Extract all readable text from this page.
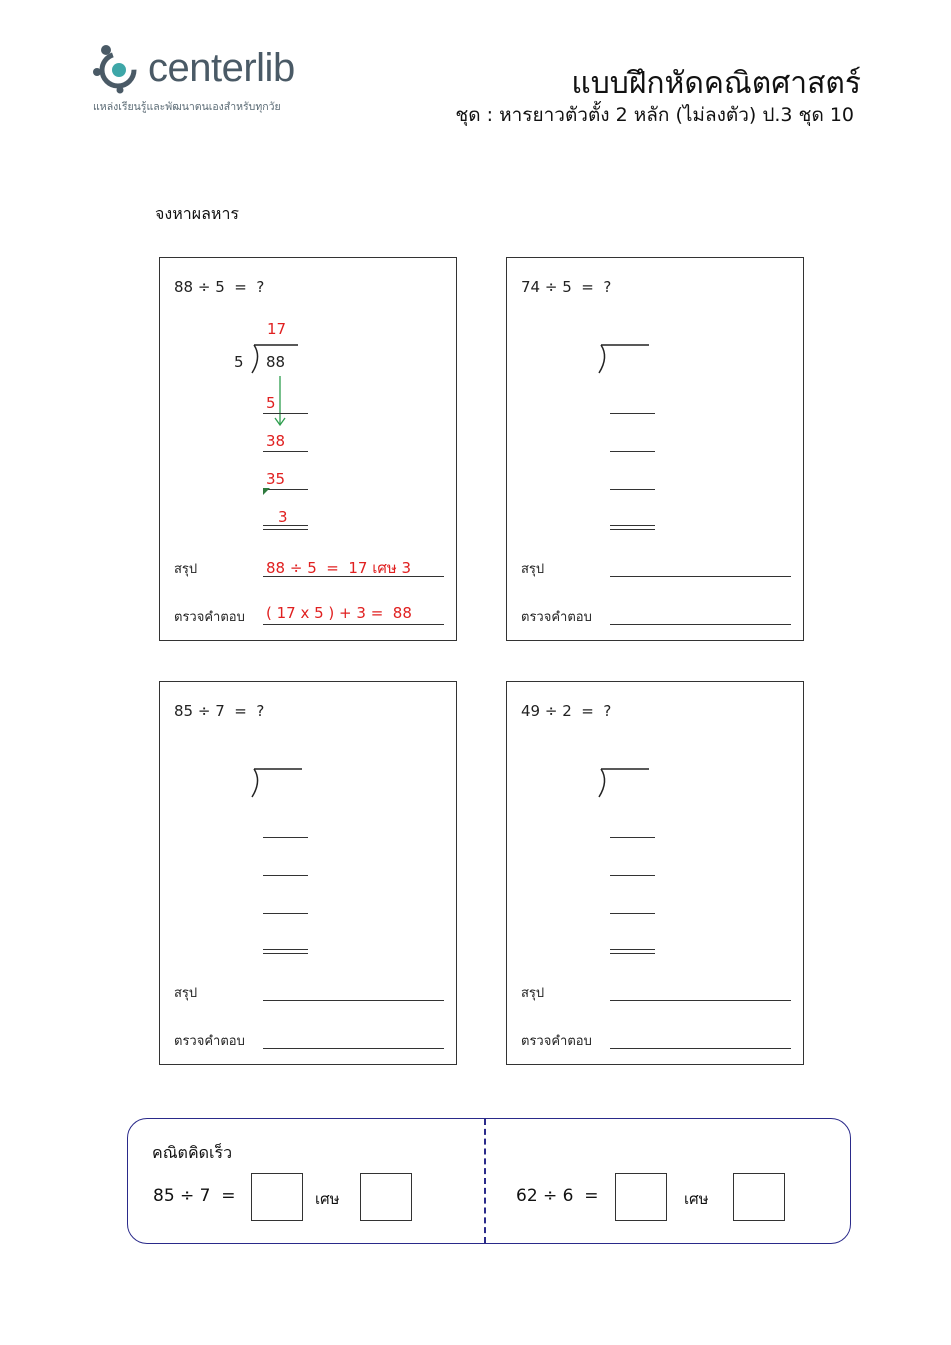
centerlib
แหล่งเรียนรู้และพัฒนาตนเองสำหรับทุกวัย
แบบฝึกหัดคณิตศาสตร์
ชุด : หารยาวตัวตั้ง 2 หลัก (ไม่ลงตัว) ป.3 ชุด 10
จงหาผลหาร
88 ÷ 5  =  ?
17
5 88
5
38
35
3
สรุป	88 ÷ 5  =  17 เศษ 3
ตรวจคำตอบ ( 17 x 5 ) + 3 =  88
74 ÷ 5  =  ?
สรุป
ตรวจคำตอบ
85 ÷ 7  =  ?
สรุป
ตรวจคำตอบ
49 ÷ 2  =  ?
สรุป
ตรวจคำตอบ
คณิตคิดเร็ว
85 ÷ 7  =	เศษ	62 ÷ 6  =	เศษ
